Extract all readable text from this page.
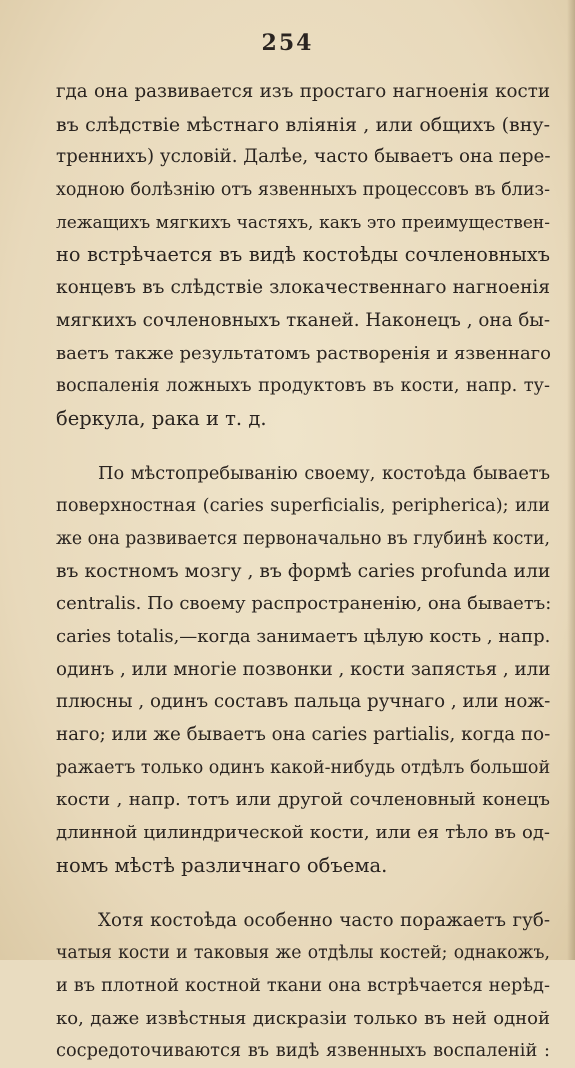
254
гда она развивается изъ простаго нагноенія кости
въ слѣдствіе мѣстнаго вліянія , или общихъ (вну-
треннихъ) условій. Далѣе, часто бываетъ она пере-
ходною болѣзнію отъ язвенныхъ процессовъ въ близ-
лежащихъ мягкихъ частяхъ, какъ это преимуществен-
но встрѣчается въ видѣ костоѣды сочленовныхъ
концевъ въ слѣдствіе злокачественнаго нагноенія
мягкихъ сочленовныхъ тканей. Наконецъ , она бы-
ваетъ также результатомъ растворенія и язвеннаго
воспаленія ложныхъ продуктовъ въ кости, напр. ту-
беркула, рака и т. д.
По мѣстопребыванію своему, костоѣда бываетъ
поверхностная (caries superficialis, peripherica); или
же она развивается первоначально въ глубинѣ кости,
въ костномъ мозгу , въ формѣ caries profunda или
centralis. По своему распространенію, она бываетъ:
caries totalis,—когда занимаетъ цѣлую кость , напр.
одинъ , или многіе позвонки , кости запястья , или
плюсны , одинъ составъ пальца ручнаго , или нож-
наго; или же бываетъ она caries partialis, когда по-
ражаетъ только одинъ какой-нибудь отдѣлъ большой
кости , напр. тотъ или другой сочленовный конецъ
длинной цилиндрической кости, или ея тѣло въ од-
номъ мѣстѣ различнаго объема.
Хотя костоѣда особенно часто поражаетъ губ-
чатыя кости и таковыя же отдѣлы костей; однакожъ,
и въ плотной костной ткани она встрѣчается нерѣд-
ко, даже извѣстныя дискразіи только въ ней одной
сосредоточиваются въ видѣ язвенныхъ воспаленій :
